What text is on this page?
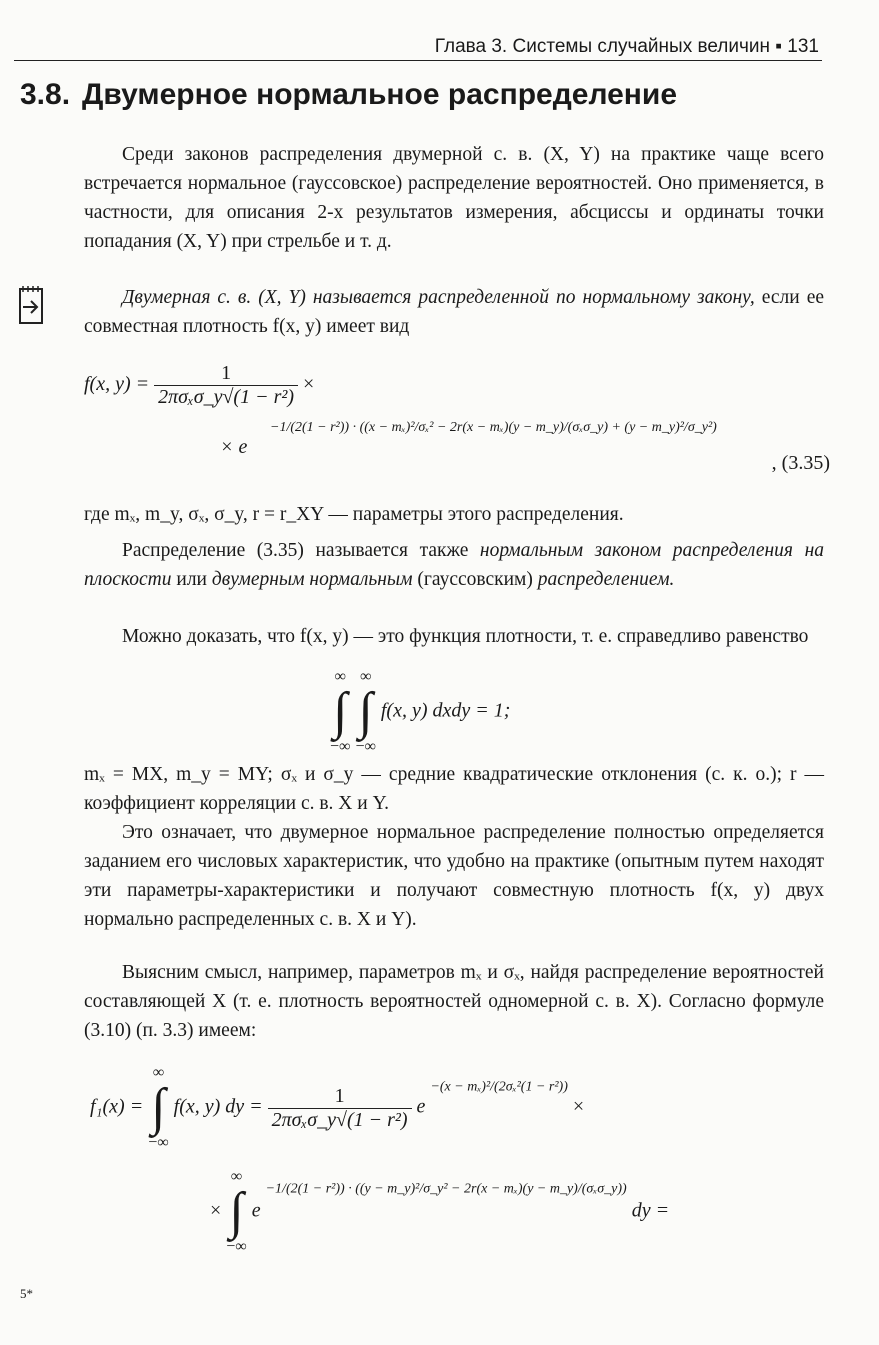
Глава 3. Системы случайных величин ▪ 131
3.8. Двумерное нормальное распределение

Среди законов распределения двумерной с. в. (X, Y) на практике чаще всего встречается нормальное (гауссовское) распределение вероятностей. Оно применяется, в частности, для описания 2-х результатов измерения, абсциссы и ординаты точки попадания (X, Y) при стрельбе и т. д.

Двумерная с. в. (X, Y) называется распределенной по нормальному закону, если ее совместная плотность f(x, y) имеет вид

f(x, $y) = \frac{1}{\text{2πσₓσ\_y√(1 − r²)}}$ ×
−1/(2(1 − r²)) · ((x − mₓ)²/σₓ² − 2r(x − mₓ)(y − m_y)/(σₓσ_y) + (y − m_y)²/σ_y²)
× e
, (3.35)

где mₓ, m_y, σₓ, σ_y, r = r_XY — параметры этого распределения.

Распределение (3.35) называется также нормальным законом распределения на плоскости или двумерным нормальным (гауссовским) распределением.

Можно доказать, что f(x, y) — это функция плотности, т. е. справедливо равенство

∞
∫
−∞

∞
∫
−∞
f(x, y) dxdy = 1;

mₓ = MX, m_y = MY; σₓ и σ_y — средние квадратические отклонения (с. к. о.); r — коэффициент корреляции с. в. X и Y.

Это означает, что двумерное нормальное распределение полностью определяется заданием его числовых характеристик, что удобно на практике (опытным путем находят эти параметры-характеристики и получают совместную плотность f(x, y) двух нормально распределенных с. в. X и Y).

Выясним смысл, например, параметров mₓ и σₓ, найдя распределение вероятностей составляющей X (т. е. плотность вероятностей одномерной с. в. X). Согласно формуле (3.10) (п. 3.3) имеем:

f₁(x) =
∞
∫
−∞
f(x, y) dy = $\frac{1}{\text{2πσₓσ\_y√(1 − r²)}}$ e $^{-(x - m_x)^2/(2\sigma_x^2(1 - r^2))}$ ×
×
∞
∫
−∞
e $^{-1/(2(1 - r^2)) \cdot ((y - m\_y)^2/\sigma\_y^2 - 2r(x - m_x)(y - m\_y)/(\sigma_x\sigma\_y))}$ dy =
5*
